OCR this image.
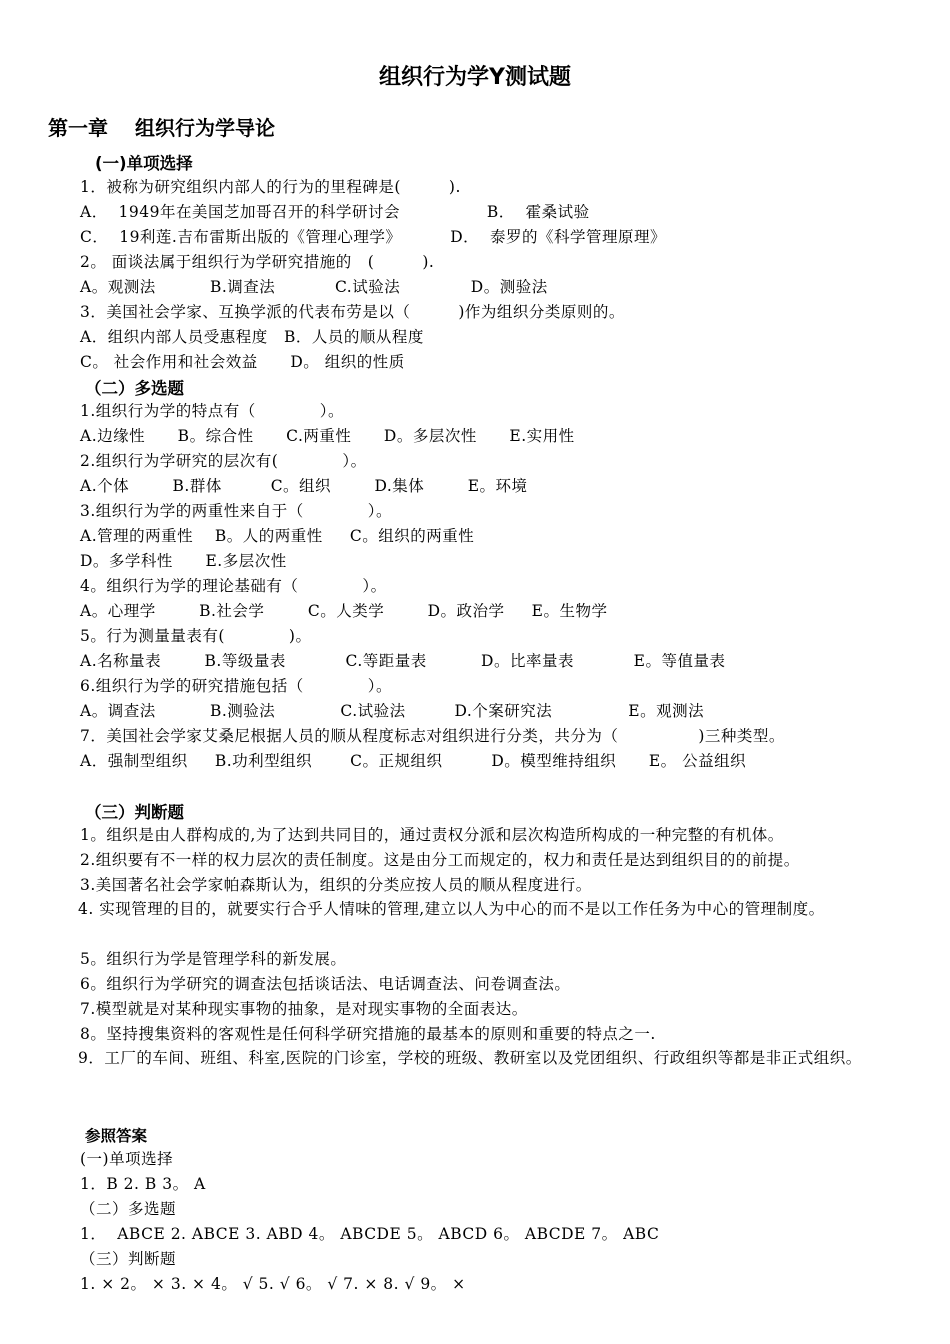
组织行为学Y测试题
第一章　 组织行为学导论
(一)单项选择
1．被称为研究组织内部人的行为的里程碑是(　　　).
A．  1949年在美国芝加哥召开的科学研讨会                B．  霍桑试验
C．  19利莲.吉布雷斯出版的《管理心理学》         D．  泰罗的《科学管理原理》
2。 面谈法属于组织行为学研究措施的　(　　　).
A。观测法          B.调查法           C.试验法             D。测验法
3．美国社会学家、互换学派的代表布劳是以（　　　)作为组织分类原则的。
A．组织内部人员受惠程度   B．人员的顺从程度
C。 社会作用和社会效益      D。 组织的性质
（二）多选题
1.组织行为学的特点有（　　　　）。
A.边缘性      B。综合性      C.两重性      D。多层次性      E.实用性
2.组织行为学研究的层次有(　　　　）。
A.个体        B.群体         C。组织        D.集体        E。环境
3.组织行为学的两重性来自于（　　　　）。
A.管理的两重性    B。人的两重性     C。组织的两重性
D。多学科性      E.多层次性
4。组织行为学的理论基础有（　　　　）。
A。心理学        B.社会学        C。人类学        D。政治学     E。生物学
5。行为测量量表有(　　　　)。
A.名称量表        B.等级量表           C.等距量表          D。比率量表           E。等值量表
6.组织行为学的研究措施包括（　　　　）。
A。调查法          B.测验法            C.试验法         D.个案研究法              E。观测法
7．美国社会学家艾桑尼根据人员的顺从程度标志对组织进行分类，共分为（　　　　　)三种类型。
A．强制型组织     B.功利型组织       C。正规组织         D。模型维持组织      E。 公益组织
（三）判断题
1。组织是由人群构成的,为了达到共同目的，通过责权分派和层次构造所构成的一种完整的有机体。
2.组织要有不一样的权力层次的责任制度。这是由分工而规定的，权力和责任是达到组织目的的前提。
3.美国著名社会学家帕森斯认为，组织的分类应按人员的顺从程度进行。
4. 实现管理的目的，就要实行合乎人情味的管理,建立以人为中心的而不是以工作任务为中心的管理制度。
5。组织行为学是管理学科的新发展。
6。组织行为学研究的调查法包括谈话法、电话调查法、问卷调查法。
7.模型就是对某种现实事物的抽象，是对现实事物的全面表达。
8。坚持搜集资料的客观性是任何科学研究措施的最基本的原则和重要的特点之一.
9．工厂的车间、班组、科室,医院的门诊室，学校的班级、教研室以及党团组织、行政组织等都是非正式组织。
参照答案
(一)单项选择
1．B 2. B 3。 A
（二）多选题
1．  ABCE 2. ABCE 3. ABD 4。 ABCDE 5。 ABCD 6。 ABCDE 7。 ABC
（三）判断题
1. × 2。 × 3. × 4。 √ 5. √ 6。 √ 7. × 8. √ 9。 ×
